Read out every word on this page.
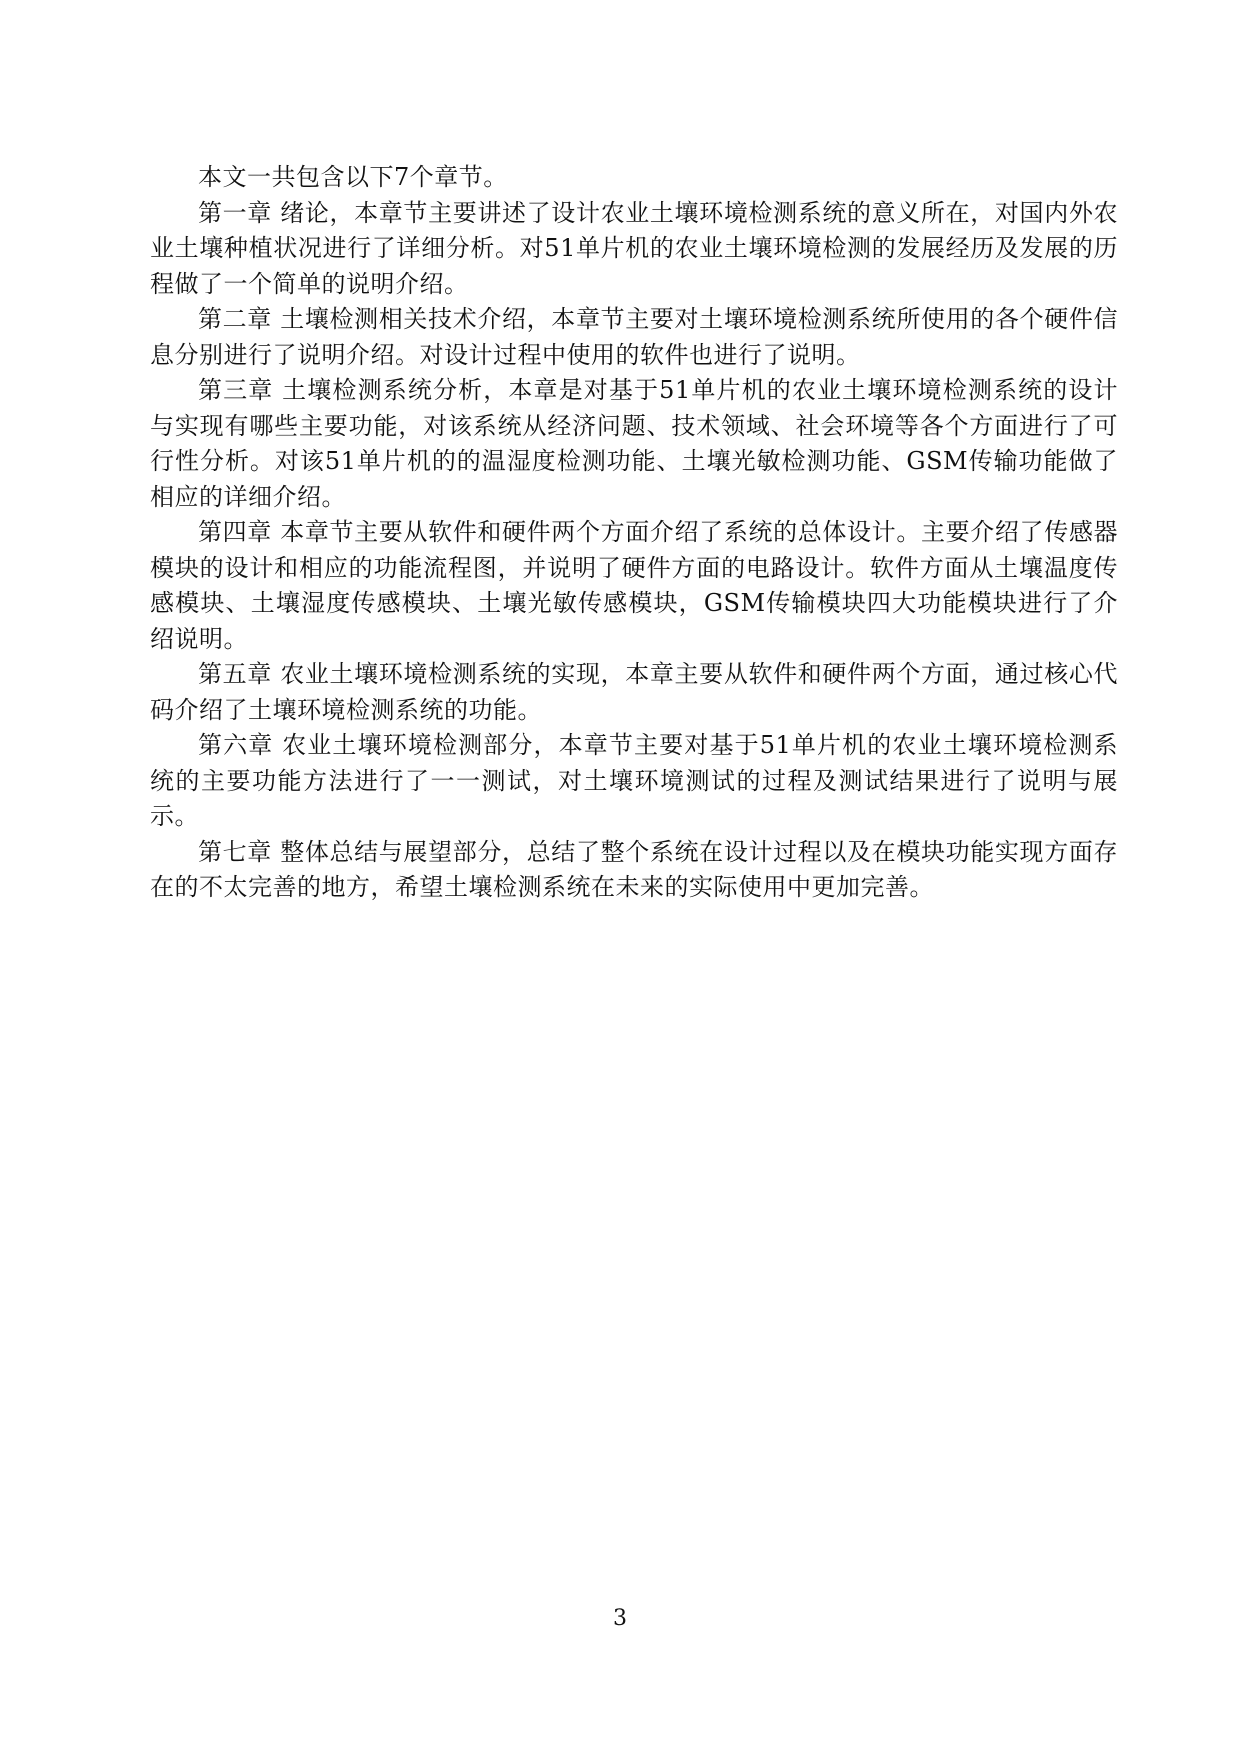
本文一共包含以下7个章节。

第一章 绪论，本章节主要讲述了设计农业土壤环境检测系统的意义所在，对国内外农业土壤种植状况进行了详细分析。对51单片机的农业土壤环境检测的发展经历及发展的历程做了一个简单的说明介绍。

第二章 土壤检测相关技术介绍，本章节主要对土壤环境检测系统所使用的各个硬件信息分别进行了说明介绍。对设计过程中使用的软件也进行了说明。

第三章 土壤检测系统分析，本章是对基于51单片机的农业土壤环境检测系统的设计与实现有哪些主要功能，对该系统从经济问题、技术领域、社会环境等各个方面进行了可行性分析。对该51单片机的的温湿度检测功能、土壤光敏检测功能、GSM传输功能做了相应的详细介绍。

第四章 本章节主要从软件和硬件两个方面介绍了系统的总体设计。主要介绍了传感器模块的设计和相应的功能流程图，并说明了硬件方面的电路设计。软件方面从土壤温度传感模块、土壤湿度传感模块、土壤光敏传感模块，GSM传输模块四大功能模块进行了介绍说明。

第五章 农业土壤环境检测系统的实现，本章主要从软件和硬件两个方面，通过核心代码介绍了土壤环境检测系统的功能。

第六章 农业土壤环境检测部分，本章节主要对基于51单片机的农业土壤环境检测系统的主要功能方法进行了一一测试，对土壤环境测试的过程及测试结果进行了说明与展示。

第七章 整体总结与展望部分，总结了整个系统在设计过程以及在模块功能实现方面存在的不太完善的地方，希望土壤检测系统在未来的实际使用中更加完善。

3
